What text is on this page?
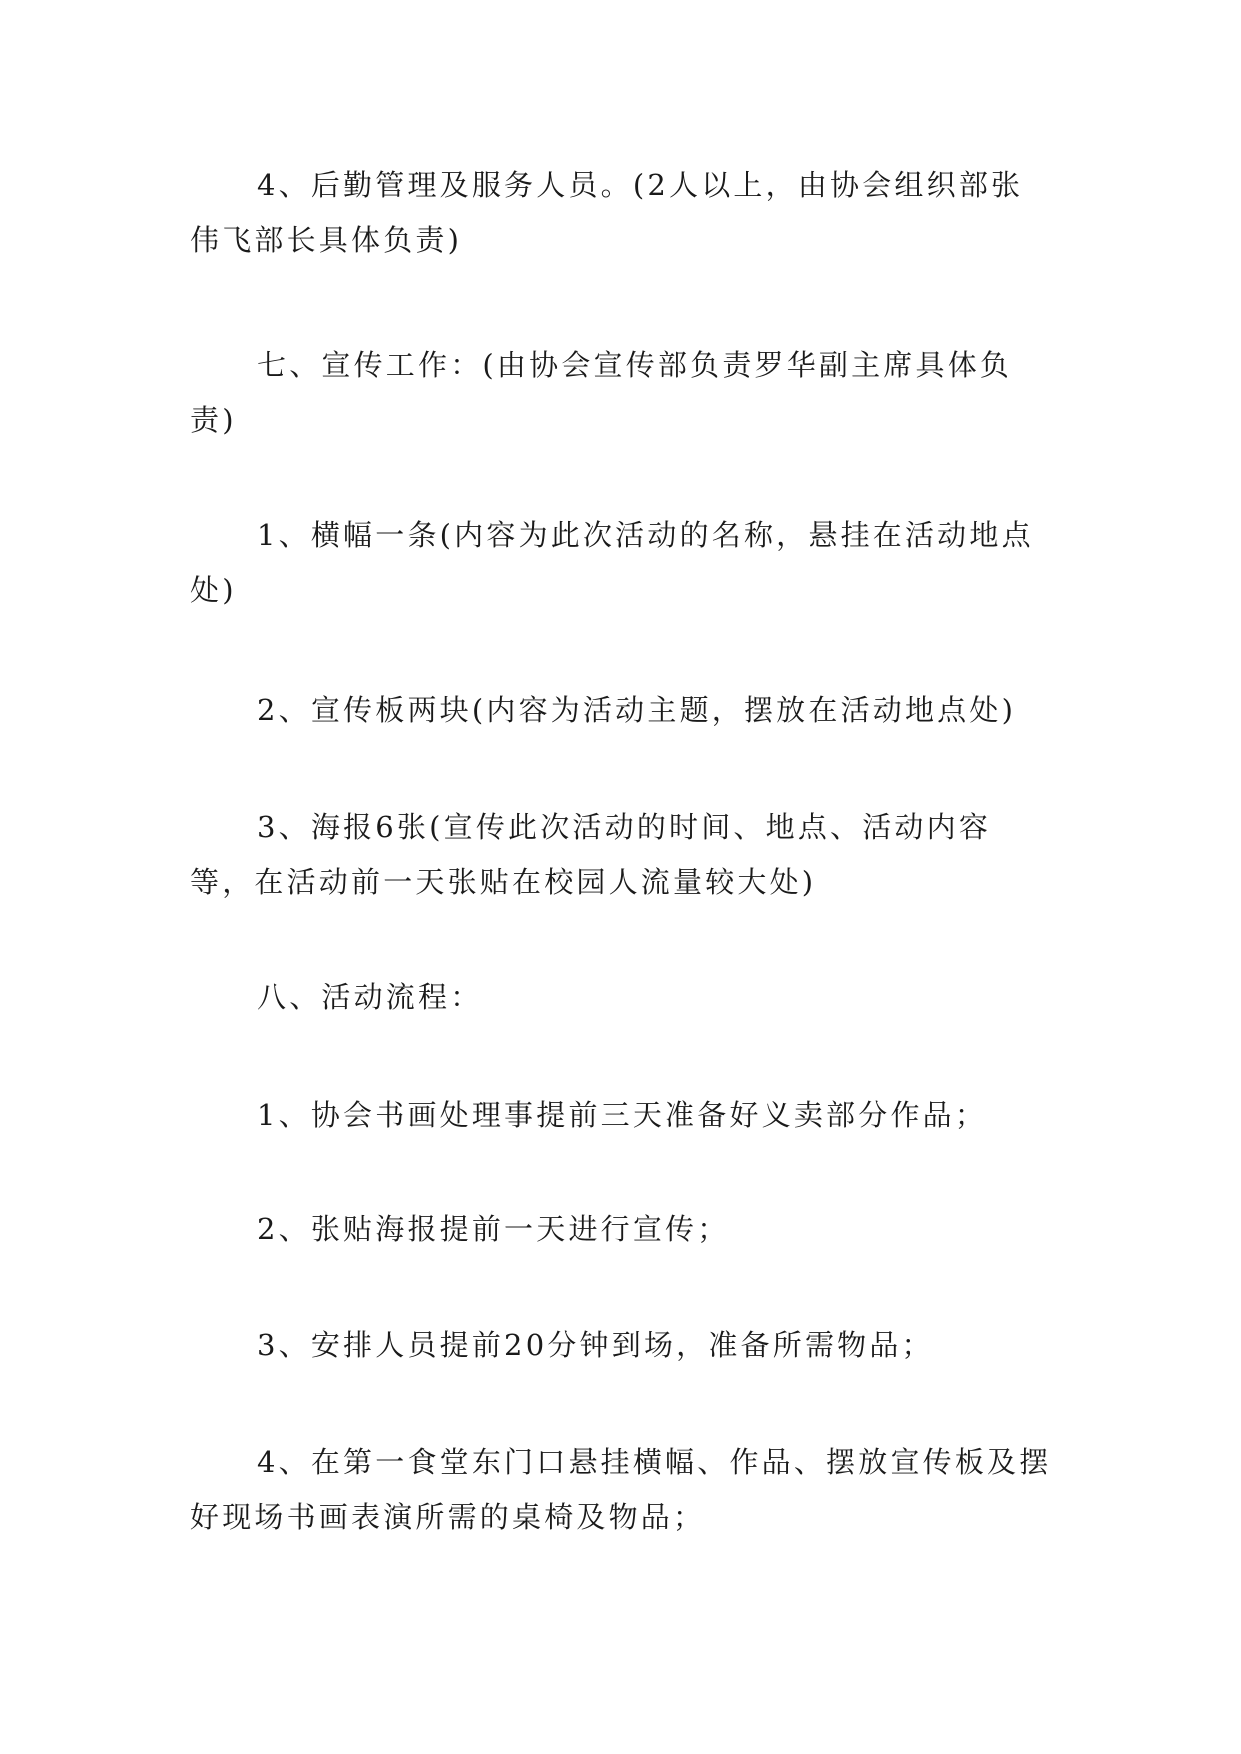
4、后勤管理及服务人员。(2人以上，由协会组织部张伟飞部长具体负责)

七、宣传工作：(由协会宣传部负责罗华副主席具体负责)

1、横幅一条(内容为此次活动的名称，悬挂在活动地点处)

2、宣传板两块(内容为活动主题，摆放在活动地点处)

3、海报6张(宣传此次活动的时间、地点、活动内容等，在活动前一天张贴在校园人流量较大处)

八、活动流程：

1、协会书画处理事提前三天准备好义卖部分作品；

2、张贴海报提前一天进行宣传；

3、安排人员提前20分钟到场，准备所需物品；

4、在第一食堂东门口悬挂横幅、作品、摆放宣传板及摆好现场书画表演所需的桌椅及物品；
